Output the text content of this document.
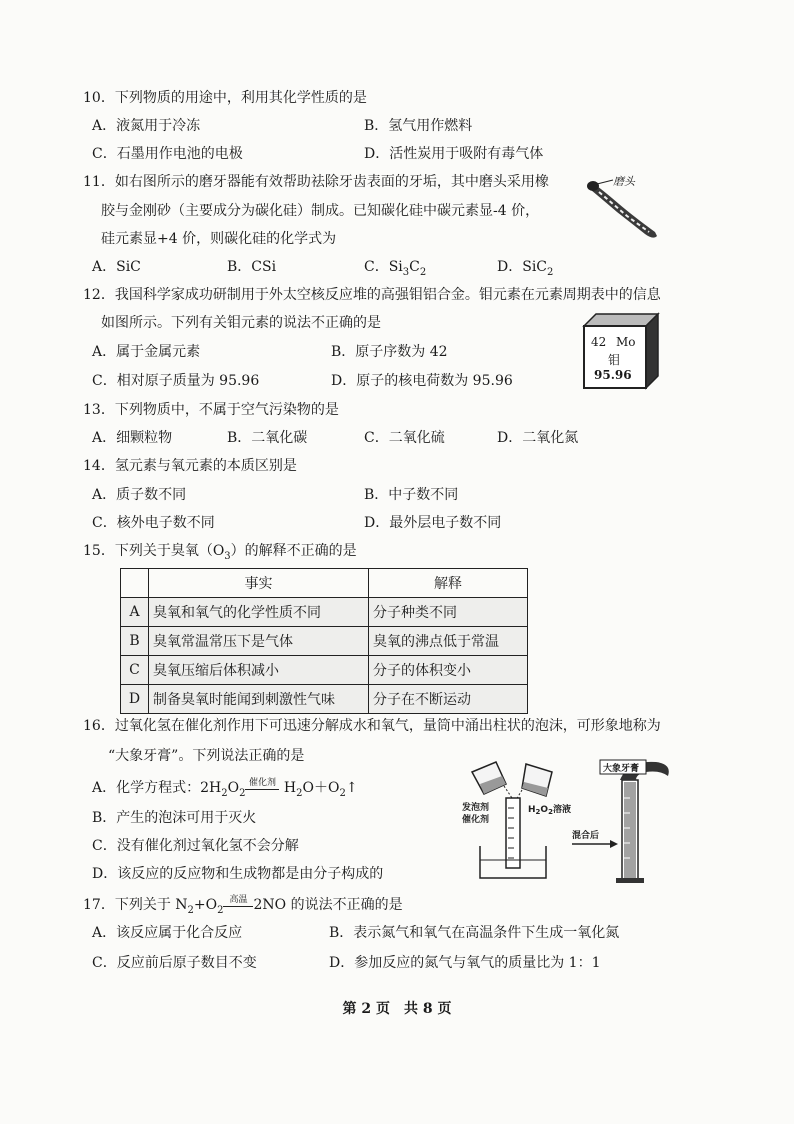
10．下列物质的用途中，利用其化学性质的是
A．液氮用于冷冻	B．氢气用作燃料
C．石墨用作电池的电极	D．活性炭用于吸附有毒气体
11．如右图所示的磨牙器能有效帮助祛除牙齿表面的牙垢，其中磨头采用橡
胶与金刚砂（主要成分为碳化硅）制成。已知碳化硅中碳元素显-4 价，
硅元素显+4 价，则碳化硅的化学式为
A．SiC	B．CSi	C．$Si_3C_2$	D．SiC$_2$
磨头
12．我国科学家成功研制用于外太空核反应堆的高强钼铝合金。钼元素在元素周期表中的信息
如图所示。下列有关钼元素的说法不正确的是
A．属于金属元素	B．原子序数为 42
C．相对原子质量为 95.96	D．原子的核电荷数为 95.96
42 Mo
钼
95.96
13．下列物质中，不属于空气污染物的是
A．细颗粒物	B．二氧化碳	C．二氧化硫	D．二氧化氮
14．氢元素与氧元素的本质区别是
A．质子数不同	B．中子数不同
C．核外电子数不同	D．最外层电子数不同
15．下列关于臭氧$(O_3)$的解释不正确的是
	事实	解释
A	臭氧和氧气的化学性质不同	分子种类不同
B	臭氧常温常压下是气体	臭氧的沸点低于常温
C	臭氧压缩后体积减小	分子的体积变小
D	制备臭氧时能闻到刺激性气味	分子在不断运动
16．过氧化氢在催化剂作用下可迅速分解成水和氧气，量筒中涌出柱状的泡沫，可形象地称为
“大象牙膏”。下列说法正确的是
A．化学方程式：$2H_2O_2$催化剂
$H_2O+O_2↑$
B．产生的泡沫可用于灭火
C．没有催化剂过氧化氢不会分解
D．该反应的反应物和生成物都是由分子构成的
发泡剂
催化剂
$H_2O_2$溶液
大象牙膏
混合后
17．下列关于 $N_2+O_2$高温 2NO 的说法不正确的是
A．该反应属于化合反应	B．表示氮气和氧气在高温条件下生成一氧化氮
C．反应前后原子数目不变	D．参加反应的氮气与氧气的质量比为 1：1
第 2 页　共 8 页
